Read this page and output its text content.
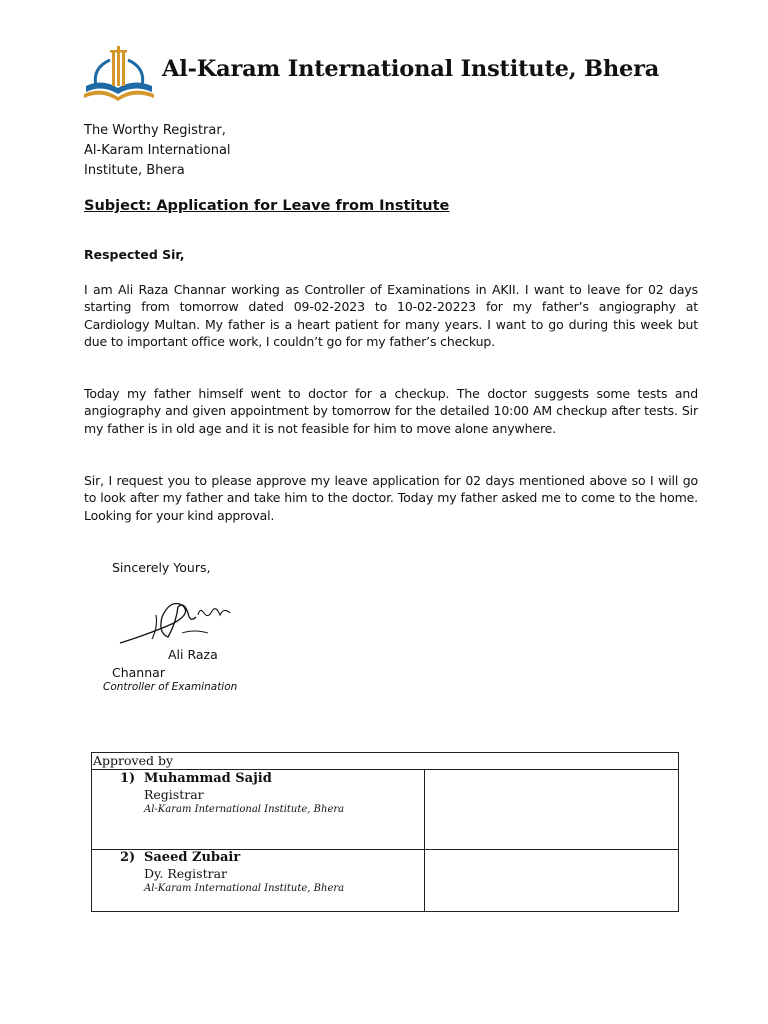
Al-Karam International Institute, Bhera
The Worthy Registrar,
Al-Karam International
Institute, Bhera
Subject: Application for Leave from Institute
Respected Sir,
I am Ali Raza Channar working as Controller of Examinations in AKII. I want to leave for 02 days starting from tomorrow dated 09-02-2023 to 10-02-20223 for my father’s angiography at Cardiology Multan. My father is a heart patient for many years. I want to go during this week but due to important office work, I couldn’t go for my father’s checkup.
Today my father himself went to doctor for a checkup. The doctor suggests some tests and angiography and given appointment by tomorrow for the detailed 10:00 AM checkup after tests. Sir my father is in old age and it is not feasible for him to move alone anywhere.
Sir, I request you to please approve my leave application for 02 days mentioned above so I will go to look after my father and take him to the doctor. Today my father asked me to come to the home. Looking for your kind approval.
Sincerely Yours,
Ali Raza
Channar
Controller of Examination
Approved by
1) Muhammad Sajid
Registrar
Al-Karam International Institute, Bhera
2) Saeed Zubair
Dy. Registrar
Al-Karam International Institute, Bhera
